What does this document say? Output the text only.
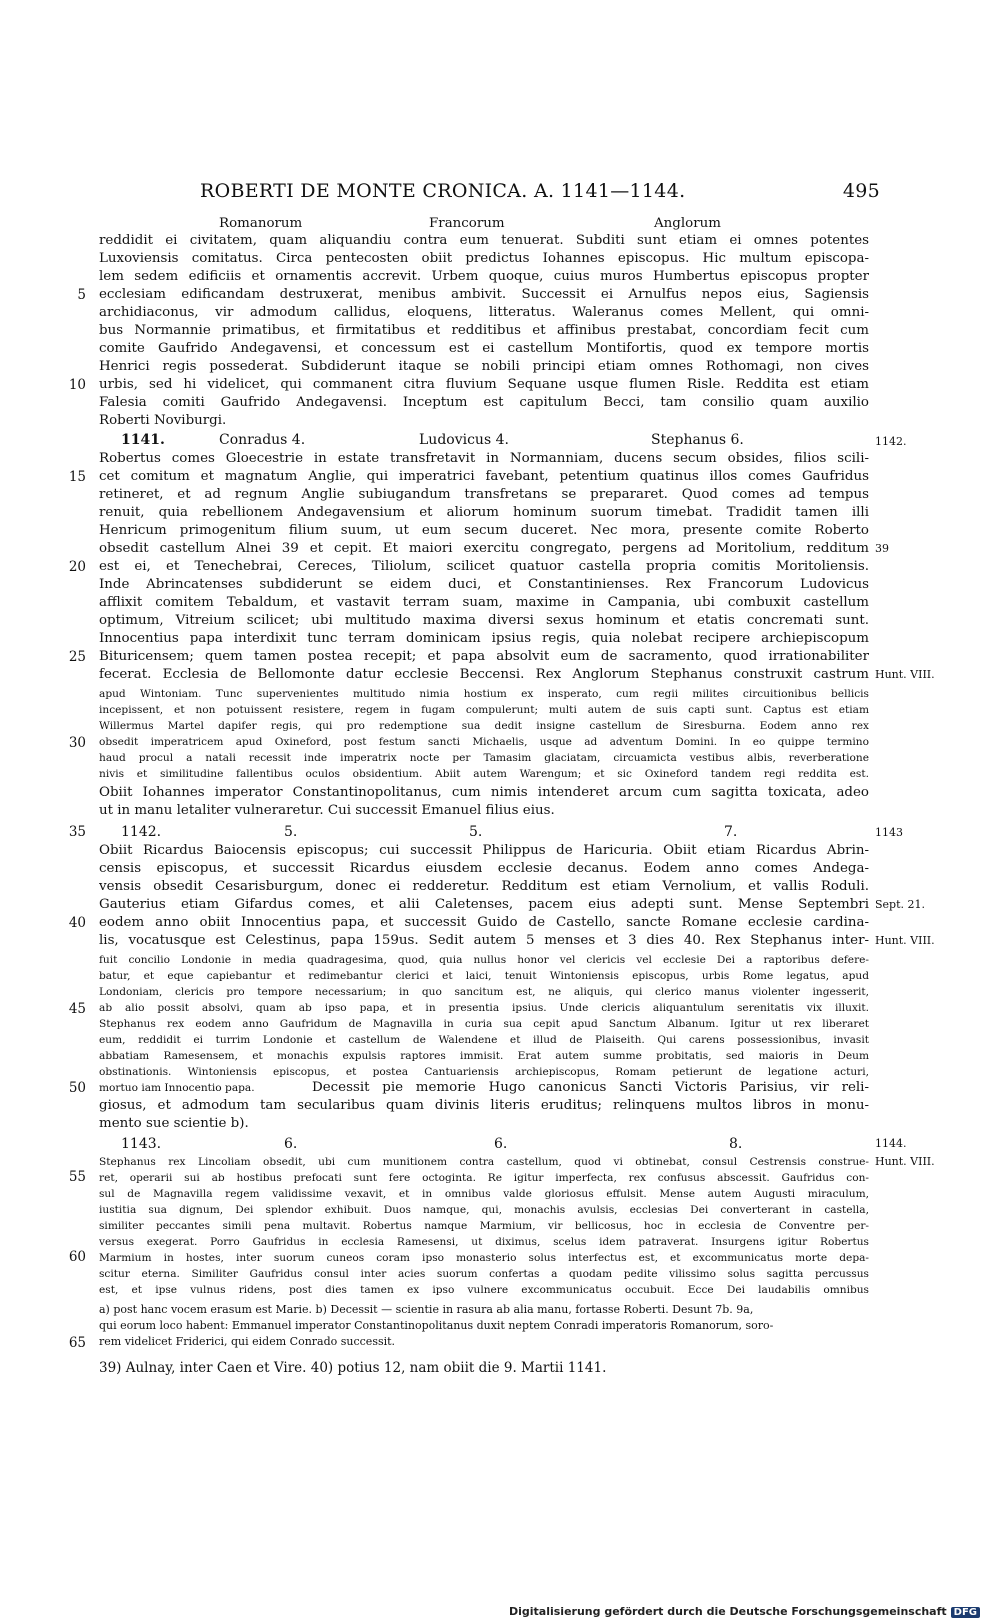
ROBERTI DE MONTE CRONICA. A. 1141—1144.	495
Romanorum	Francorum	Anglorum
reddidit ei civitatem, quam aliquandiu contra eum tenuerat. Subditi sunt etiam ei omnes potentes
Luxoviensis comitatus. Circa pentecosten obiit predictus Iohannes episcopus. Hic multum episcopa-
lem sedem edificiis et ornamentis accrevit. Urbem quoque, cuius muros Humbertus episcopus propter
ecclesiam edificandam destruxerat, menibus ambivit. Successit ei Arnulfus nepos eius, Sagiensis
archidiaconus, vir admodum callidus, eloquens, litteratus. Waleranus comes Mellent, qui omni-
bus Normannie primatibus, et firmitatibus et redditibus et affinibus prestabat, concordiam fecit cum
comite Gaufrido Andegavensi, et concessum est ei castellum Montifortis, quod ex tempore mortis
Henrici regis possederat. Subdiderunt itaque se nobili principi etiam omnes Rothomagi, non cives
urbis, sed hi videlicet, qui commanent citra fluvium Sequane usque flumen Risle. Reddita est etiam
Falesia comiti Gaufrido Andegavensi. Inceptum est capitulum Becci, tam consilio quam auxilio
Roberti Noviburgi.
1141.	Conradus 4.	Ludovicus 4.	Stephanus 6.
Robertus comes Gloecestrie in estate transfretavit in Normanniam, ducens secum obsides, filios scili-
cet comitum et magnatum Anglie, qui imperatrici favebant, petentium quatinus illos comes Gaufridus
retineret, et ad regnum Anglie subiugandum transfretans se prepararet. Quod comes ad tempus
renuit, quia rebellionem Andegavensium et aliorum hominum suorum timebat. Tradidit tamen illi
Henricum primogenitum filium suum, ut eum secum duceret. Nec mora, presente comite Roberto
obsedit castellum Alnei 39 et cepit. Et maiori exercitu congregato, pergens ad Moritolium, redditum
est ei, et Tenechebrai, Cereces, Tiliolum, scilicet quatuor castella propria comitis Moritoliensis.
Inde Abrincatenses subdiderunt se eidem duci, et Constantinienses. Rex Francorum Ludovicus
afflixit comitem Tebaldum, et vastavit terram suam, maxime in Campania, ubi combuxit castellum
optimum, Vitreium scilicet; ubi multitudo maxima diversi sexus hominum et etatis concremati sunt.
Innocentius papa interdixit tunc terram dominicam ipsius regis, quia nolebat recipere archiepiscopum
Bituricensem; quem tamen postea recepit; et papa absolvit eum de sacramento, quod irrationabiliter
fecerat. Ecclesia de Bellomonte datur ecclesie Beccensi. Rex Anglorum Stephanus construxit castrum
apud Wintoniam. Tunc supervenientes multitudo nimia hostium ex insperato, cum regii milites circuitionibus bellicis
incepissent, et non potuissent resistere, regem in fugam compulerunt; multi autem de suis capti sunt. Captus est etiam
Willermus Martel dapifer regis, qui pro redemptione sua dedit insigne castellum de Siresburna. Eodem anno rex
obsedit imperatricem apud Oxineford, post festum sancti Michaelis, usque ad adventum Domini. In eo quippe termino
haud procul a natali recessit inde imperatrix nocte per Tamasim glaciatam, circuamicta vestibus albis, reverberatione
nivis et similitudine fallentibus oculos obsidentium. Abiit autem Warengum; et sic Oxineford tandem regi reddita est.
Obiit Iohannes imperator Constantinopolitanus, cum nimis intenderet arcum cum sagitta toxicata, adeo
ut in manu letaliter vulneraretur. Cui successit Emanuel filius eius.
1142.	5.	5.	7.
Obiit Ricardus Baiocensis episcopus; cui successit Philippus de Haricuria. Obiit etiam Ricardus Abrin-
censis episcopus, et successit Ricardus eiusdem ecclesie decanus. Eodem anno comes Andega-
vensis obsedit Cesarisburgum, donec ei redderetur. Redditum est etiam Vernolium, et vallis Roduli.
Gauterius etiam Gifardus comes, et alii Caletenses, pacem eius adepti sunt. Mense Septembri
eodem anno obiit Innocentius papa, et successit Guido de Castello, sancte Romane ecclesie cardina-
lis, vocatusque est Celestinus, papa 159us. Sedit autem 5 menses et 3 dies 40. Rex Stephanus inter-
fuit concilio Londonie in media quadragesima, quod, quia nullus honor vel clericis vel ecclesie Dei a raptoribus defere-
batur, et eque capiebantur et redimebantur clerici et laici, tenuit Wintoniensis episcopus, urbis Rome legatus, apud
Londoniam, clericis pro tempore necessarium; in quo sancitum est, ne aliquis, qui clerico manus violenter ingesserit,
ab alio possit absolvi, quam ab ipso papa, et in presentia ipsius. Unde clericis aliquantulum serenitatis vix illuxit.
Stephanus rex eodem anno Gaufridum de Magnavilla in curia sua cepit apud Sanctum Albanum. Igitur ut rex liberaret
eum, reddidit ei turrim Londonie et castellum de Walendene et illud de Plaiseith. Qui carens possessionibus, invasit
abbatiam Ramesensem, et monachis expulsis raptores immisit. Erat autem summe probitatis, sed maioris in Deum
obstinationis. Wintoniensis episcopus, et postea Cantuariensis archiepiscopus, Romam petierunt de legatione acturi,
mortuo iam Innocentio papa.	Decessit pie memorie Hugo canonicus Sancti Victoris Parisius, vir reli-
giosus, et admodum tam secularibus quam divinis literis eruditus; relinquens multos libros in monu-
mento sue scientie b).
1143.	6.	6.	8.
Stephanus rex Lincoliam obsedit, ubi cum munitionem contra castellum, quod vi obtinebat, consul Cestrensis construe-
ret, operarii sui ab hostibus prefocati sunt fere octoginta. Re igitur imperfecta, rex confusus abscessit. Gaufridus con-
sul de Magnavilla regem validissime vexavit, et in omnibus valde gloriosus effulsit. Mense autem Augusti miraculum,
iustitia sua dignum, Dei splendor exhibuit. Duos namque, qui, monachis avulsis, ecclesias Dei converterant in castella,
similiter peccantes simili pena multavit. Robertus namque Marmium, vir bellicosus, hoc in ecclesia de Conventre per-
versus exegerat. Porro Gaufridus in ecclesia Ramesensi, ut diximus, scelus idem patraverat. Insurgens igitur Robertus
Marmium in hostes, inter suorum cuneos coram ipso monasterio solus interfectus est, et excommunicatus morte depa-
scitur eterna. Similiter Gaufridus consul inter acies suorum confertas a quodam pedite vilissimo solus sagitta percussus
est, et ipse vulnus ridens, post dies tamen ex ipso vulnere excommunicatus occubuit. Ecce Dei laudabilis omnibus
5
10
15
20
25
30
35
40
45
50
55
60
65
1142.
39
Hunt. VIII.
1143
Sept. 21.
Hunt. VIII.
1144.
Hunt. VIII.
a) post hanc vocem erasum est Marie. b) Decessit — scientie in rasura ab alia manu, fortasse Roberti. Desunt 7b. 9a,
qui eorum loco habent: Emmanuel imperator Constantinopolitanus duxit neptem Conradi imperatoris Romanorum, soro-
rem videlicet Friderici, qui eidem Conrado successit.
39) Aulnay, inter Caen et Vire. 40) potius 12, nam obiit die 9. Martii 1141.
Digitalisierung gefördert durch die Deutsche Forschungsgemeinschaft DFG
